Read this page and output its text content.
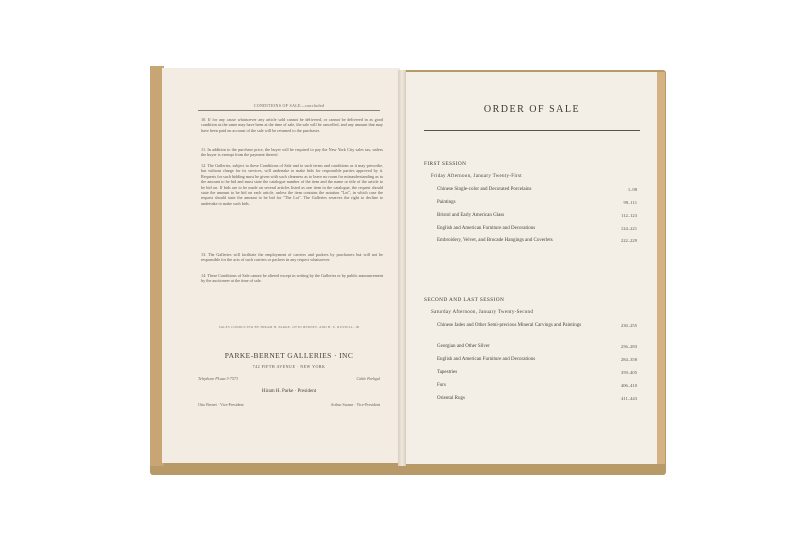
CONDITIONS OF SALE—concluded
10. If for any cause whatsoever any article sold cannot be delivered, or cannot be delivered in as good condition as the same may have been at the time of sale, the sale will be cancelled, and any amount that may have been paid on account of the sale will be returned to the purchaser.
11. In addition to the purchase price, the buyer will be required to pay the New York City sales tax, unless the buyer is exempt from the payment thereof.
12. The Galleries, subject to these Conditions of Sale and to such terms and conditions as it may prescribe, but without charge for its services, will undertake to make bids for responsible parties approved by it. Requests for such bidding must be given with such clearness as to leave no room for misunderstanding as to the amount to be bid and must state the catalogue number of the item and the name or title of the article to be bid on. If bids are to be made on several articles listed as one item in the catalogue, the request should state the amount to be bid on each article, unless the item contains the notation "Lot", in which case the request should state the amount to be bid for "The Lot". The Galleries reserves the right to decline to undertake to make such bids.
13. The Galleries will facilitate the employment of carriers and packers by purchasers but will not be responsible for the acts of such carriers or packers in any respect whatsoever.
14. These Conditions of Sale cannot be altered except in writing by the Galleries or by public announcement by the auctioneer at the time of sale.
SALES CONDUCTED BY HIRAM H. PARKE, OTTO BERNET, AND H. E. RUSSELL, JR
PARKE-BERNET GALLERIES · INC
742 FIFTH AVENUE · NEW YORK
Telephone PLaza 3-7573	Cable Parkgal
Hiram H. Parke · President
Otto Bernet · Vice-President	Arthur Swann · Vice-President
ORDER OF SALE
FIRST SESSION
Friday Afternoon, January Twenty-First
Chinese Single-color and Decorated Porcelains	1–98
Paintings	99–111
Bristol and Early American Glass	112–123
English and American Furniture and Decorations	124–221
Embroidery, Velvet, and Brocade Hangings and Coverlets	222–229
SECOND AND LAST SESSION
Saturday Afternoon, January Twenty-Second
Chinese Jades and Other Semi-precious Mineral Carvings and Paintings	230–255
Georgian and Other Silver	256–283
English and American Furniture and Decorations	284–358
Tapestries	359–405
Furs	406–410
Oriental Rugs	411–443
